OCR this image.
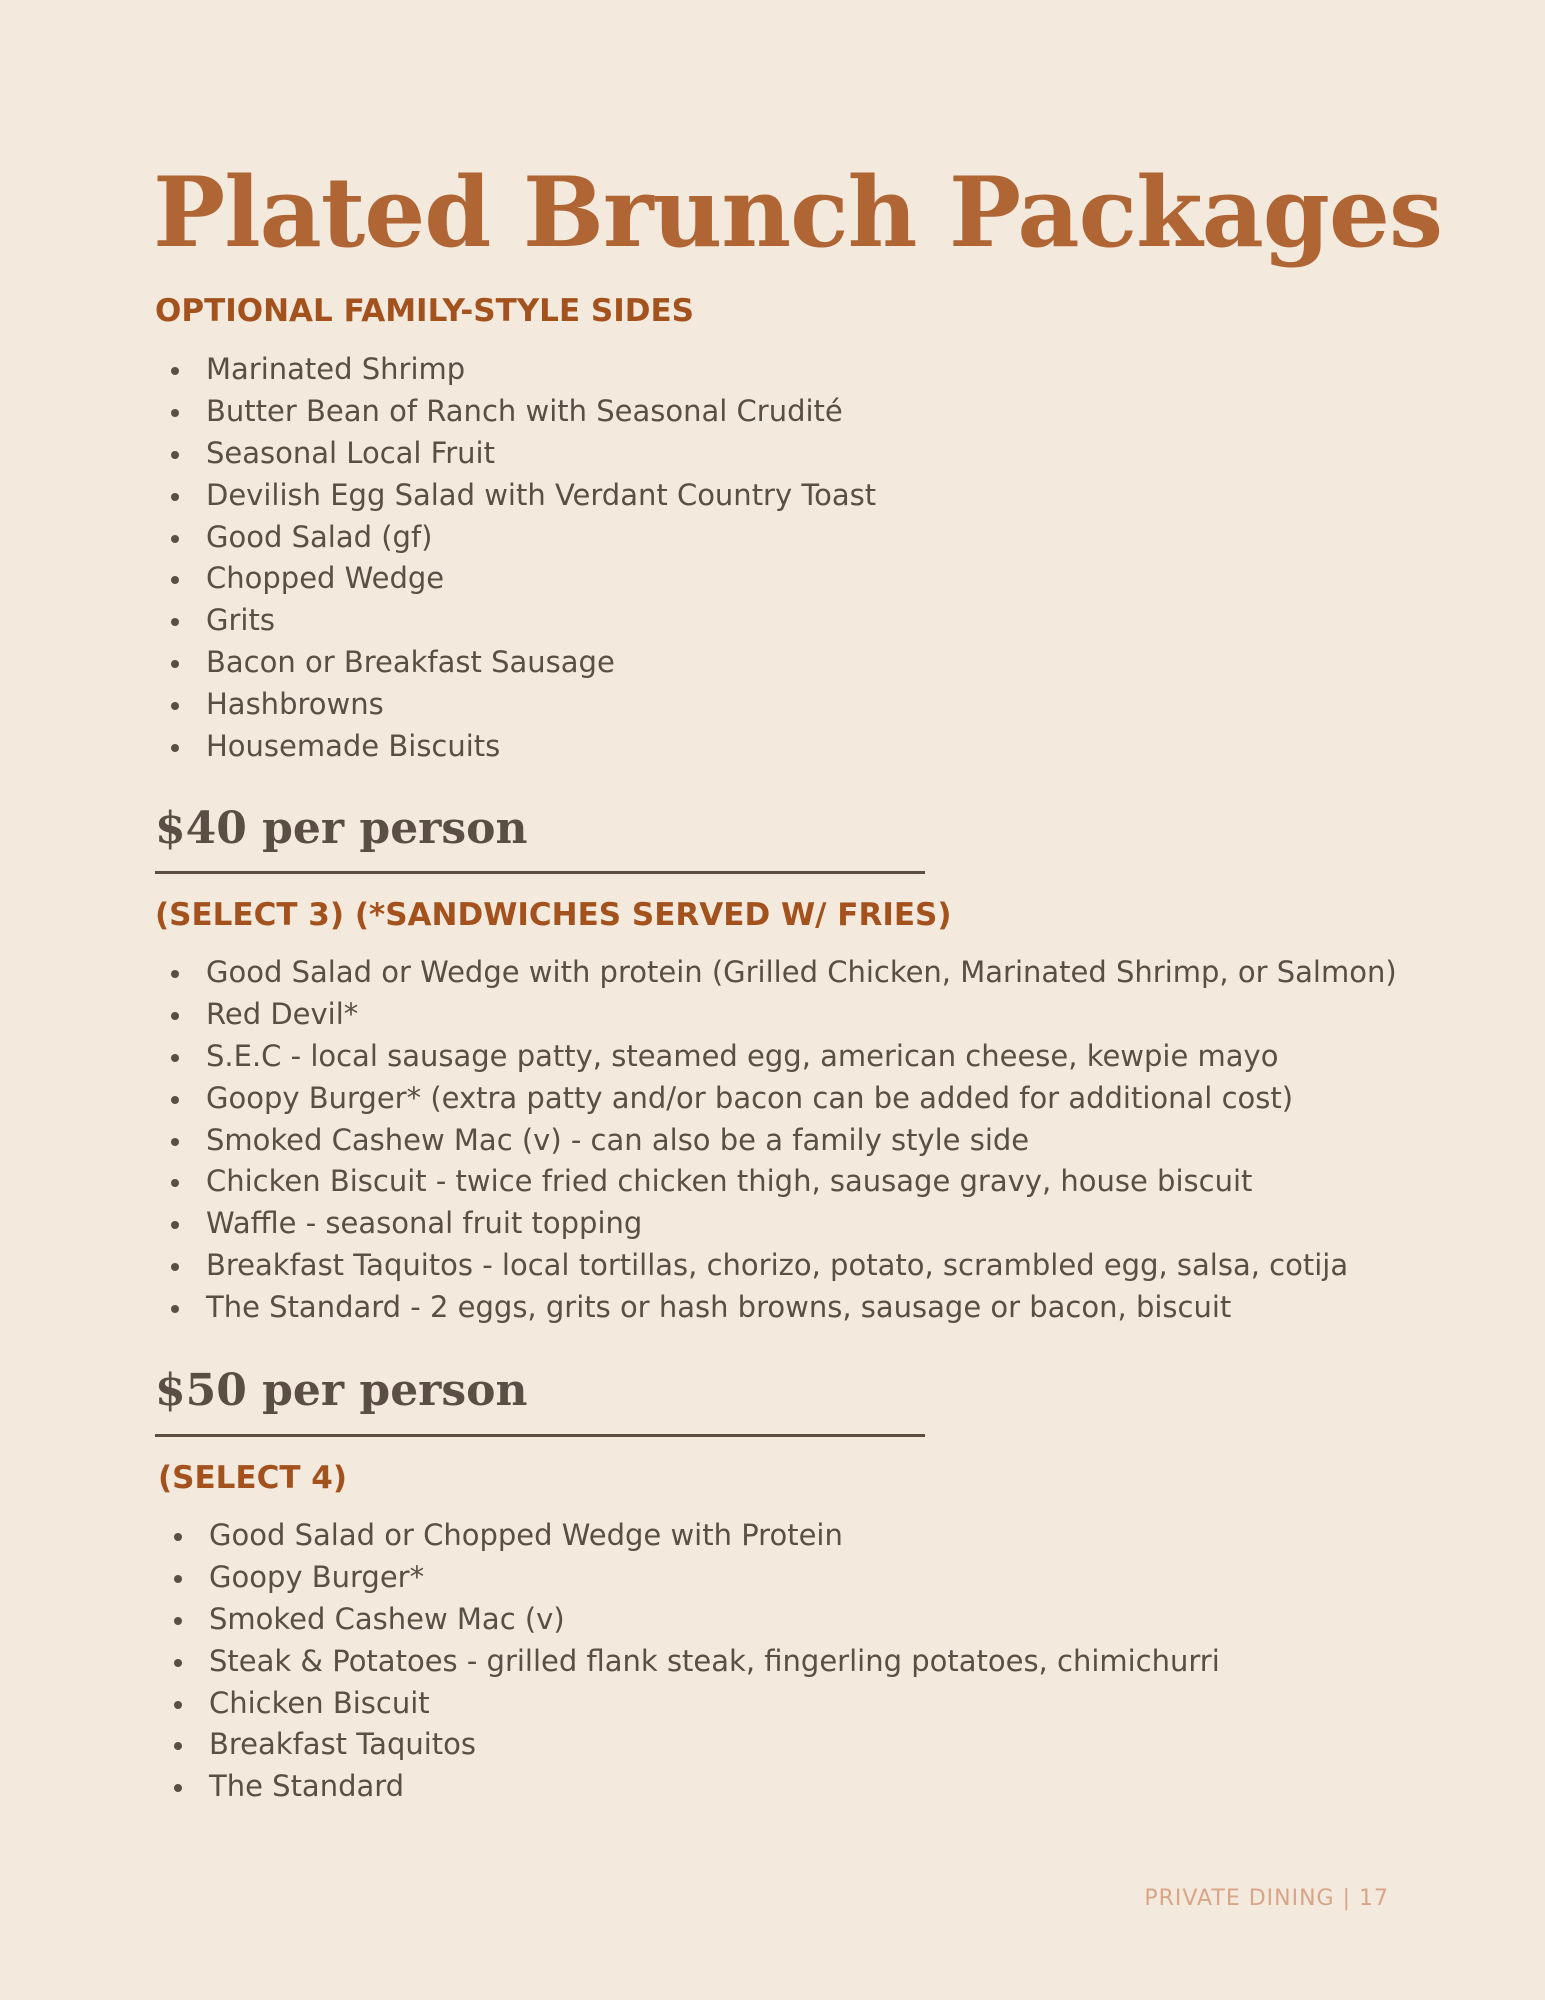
Plated Brunch Packages
OPTIONAL FAMILY-STYLE SIDES
Marinated Shrimp
Butter Bean of Ranch with Seasonal Crudité
Seasonal Local Fruit
Devilish Egg Salad with Verdant Country Toast
Good Salad (gf)
Chopped Wedge
Grits
Bacon or Breakfast Sausage
Hashbrowns
Housemade Biscuits
$40 per person
(SELECT 3) (*SANDWICHES SERVED W/ FRIES)
Good Salad or Wedge with protein (Grilled Chicken, Marinated Shrimp, or Salmon)
Red Devil*
S.E.C - local sausage patty, steamed egg, american cheese, kewpie mayo
Goopy Burger* (extra patty and/or bacon can be added for additional cost)
Smoked Cashew Mac (v) - can also be a family style side
Chicken Biscuit - twice fried chicken thigh, sausage gravy, house biscuit
Waffle - seasonal fruit topping
Breakfast Taquitos - local tortillas, chorizo, potato, scrambled egg, salsa, cotija
The Standard - 2 eggs, grits or hash browns, sausage or bacon, biscuit
$50 per person
(SELECT 4)
Good Salad or Chopped Wedge with Protein
Goopy Burger*
Smoked Cashew Mac (v)
Steak & Potatoes - grilled flank steak, fingerling potatoes, chimichurri
Chicken Biscuit
Breakfast Taquitos
The Standard
PRIVATE DINING | 17
